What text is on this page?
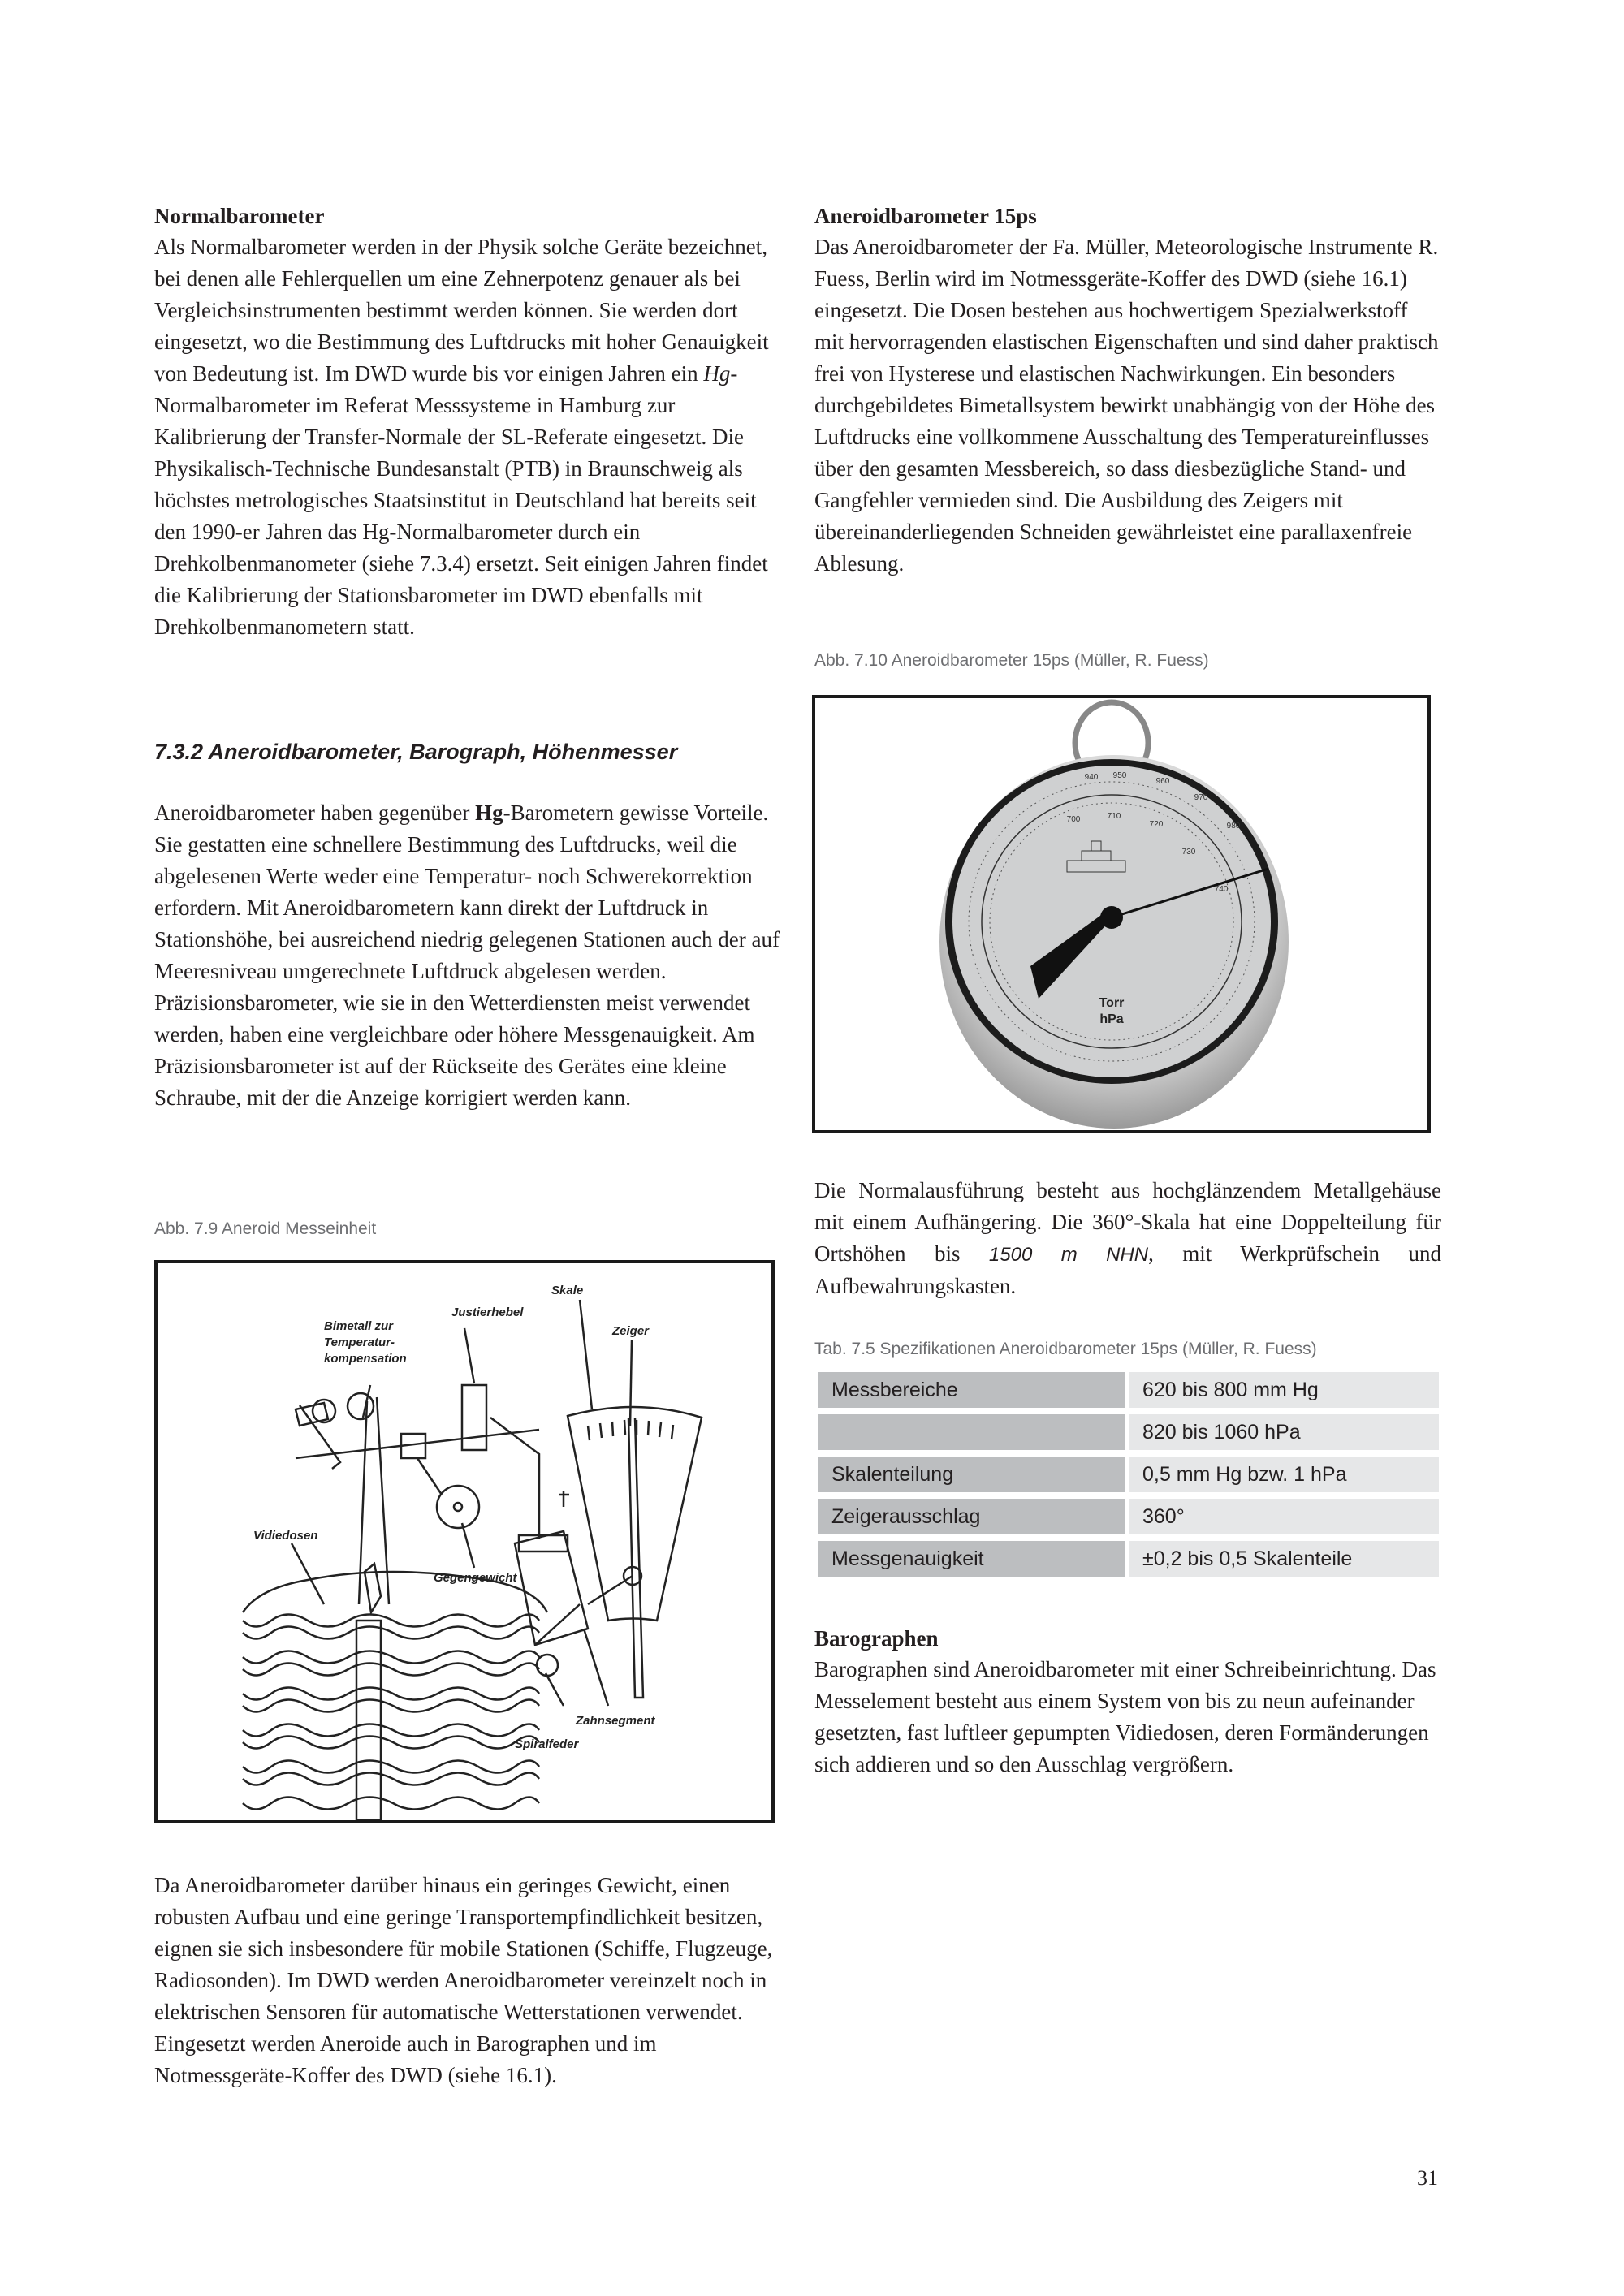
Normalbarometer

Als Normalbarometer werden in der Physik solche Geräte bezeichnet, bei denen alle Fehlerquellen um eine Zehnerpotenz genauer als bei Vergleichsinstrumenten bestimmt werden können. Sie werden dort eingesetzt, wo die Bestimmung des Luftdrucks mit hoher Genauigkeit von Bedeutung ist. Im DWD wurde bis vor einigen Jahren ein Hg-Normalbarometer im Referat Messsysteme in Hamburg zur Kalibrierung der Transfer-Normale der SL-Referate eingesetzt. Die Physikalisch-Technische Bundesanstalt (PTB) in Braunschweig als höchstes metrologisches Staatsinstitut in Deutschland hat bereits seit den 1990-er Jahren das Hg-Normalbarometer durch ein Drehkolbenmanometer (siehe 7.3.4) ersetzt. Seit einigen Jahren findet die Kalibrierung der Stationsbarometer im DWD ebenfalls mit Drehkolbenmanometern statt.

7.3.2 Aneroidbarometer, Barograph, Höhenmesser

Aneroidbarometer haben gegenüber Hg-Barometern gewisse Vorteile. Sie gestatten eine schnellere Bestimmung des Luftdrucks, weil die abgelesenen Werte weder eine Temperatur- noch Schwerekorrektion erfordern. Mit Aneroidbarometern kann direkt der Luftdruck in Stationshöhe, bei ausreichend niedrig gelegenen Stationen auch der auf Meeresniveau umgerechnete Luftdruck abgelesen werden. Präzisionsbarometer, wie sie in den Wetterdiensten meist verwendet werden, haben eine vergleichbare oder höhere Messgenauigkeit. Am Präzisionsbarometer ist auf der Rückseite des Gerätes eine kleine Schraube, mit der die Anzeige korrigiert werden kann.

Abb. 7.9 Aneroid Messeinheit

Bimetall zur
Temperatur-
kompensation
Justierhebel
Skale
Zeiger
Vidiedosen
Gegengewicht
Zahnsegment
Spiralfeder

Da Aneroidbarometer darüber hinaus ein geringes Gewicht, einen robusten Aufbau und eine geringe Transportempfindlichkeit besitzen, eignen sie sich insbesondere für mobile Stationen (Schiffe, Flugzeuge, Radiosonden). Im DWD werden Aneroidbarometer vereinzelt noch in elektrischen Sensoren für automatische Wetterstationen verwendet. Eingesetzt werden Aneroide auch in Barographen und im Notmessgeräte-Koffer des DWD (siehe 16.1).

Aneroidbarometer 15ps

Das Aneroidbarometer der Fa. Müller, Meteorologische Instrumente R. Fuess, Berlin wird im Notmessgeräte-Koffer des DWD (siehe 16.1) eingesetzt. Die Dosen bestehen aus hochwertigem Spezialwerkstoff mit hervorragenden elastischen Eigenschaften und sind daher praktisch frei von Hysterese und elastischen Nachwirkungen. Ein besonders durchgebildetes Bimetallsystem bewirkt unabhängig von der Höhe des Luftdrucks eine vollkommene Ausschaltung des Temperatureinflusses über den gesamten Messbereich, so dass diesbezügliche Stand- und Gangfehler vermieden sind. Die Ausbildung des Zeigers mit übereinanderliegenden Schneiden gewährleistet eine parallaxenfreie Ablesung.

Abb. 7.10 Aneroidbarometer 15ps (Müller, R. Fuess)

Torr
hPa
940 950
960
970
980
700	710
720
730
740

Die Normalausführung besteht aus hochglänzendem Metallgehäuse mit einem Aufhängering. Die 360°-Skala hat eine Doppelteilung für Ortshöhen bis 1500 m NHN, mit Werkprüfschein und Aufbewahrungskasten.

Tab. 7.5 Spezifikationen Aneroidbarometer 15ps (Müller, R. Fuess)

Messbereiche	620 bis 800 mm Hg
	820 bis 1060 hPa
Skalenteilung	0,5 mm Hg bzw. 1 hPa
Zeigerausschlag	360°
Messgenauigkeit	±0,2 bis 0,5 Skalenteile
Barographen

Barographen sind Aneroidbarometer mit einer Schreibeinrichtung. Das Messelement besteht aus einem System von bis zu neun aufeinander gesetzten, fast luftleer gepumpten Vidiedosen, deren Formänderungen sich addieren und so den Ausschlag vergrößern.

31
